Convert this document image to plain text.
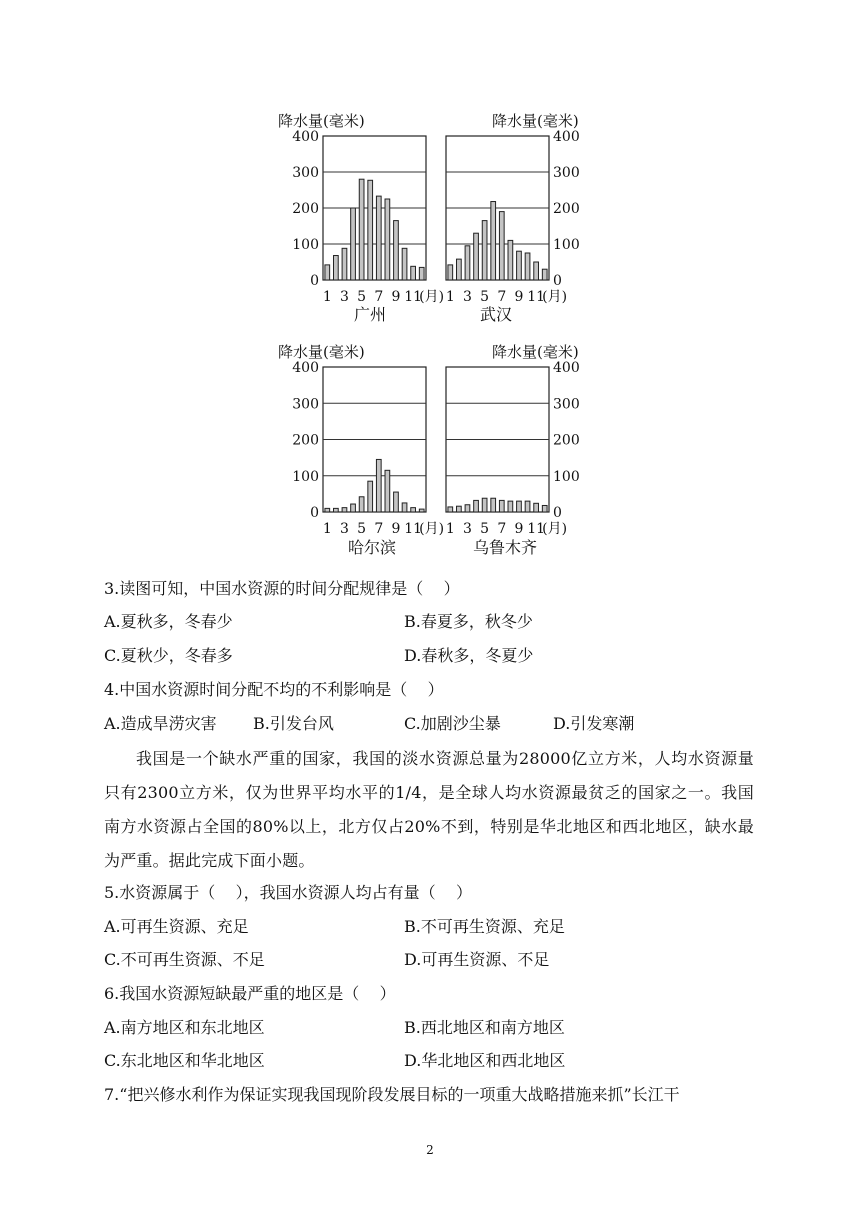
0
100
200
300
400
1 3 5 7 9 11
(月)
降水量(毫米)
广州
0
100
200
300
400
1 3 5 7 9 11
(月)
降水量(毫米)
武汉
0
100
200
300
400
1 3 5 7 9 11
(月)
降水量(毫米)
哈尔滨
0
100
200
300
400
1 3 5 7 9 11
(月)
降水量(毫米)
乌鲁木齐
3.读图可知，中国水资源的时间分配规律是（    ）
A.夏秋多，冬春少	B.春夏多，秋冬少
C.夏秋少，冬春多	D.春秋多，冬夏少
4.中国水资源时间分配不均的不利影响是（    ）
A.造成旱涝灾害 B.引发台风	C.加剧沙尘暴	D.引发寒潮
我国是一个缺水严重的国家，我国的淡水资源总量为28000亿立方米，人均水资源量只有2300立方米，仅为世界平均水平的1/4，是全球人均水资源最贫乏的国家之一。我国南方水资源占全国的80%以上，北方仅占20%不到，特别是华北地区和西北地区，缺水最为严重。据此完成下面小题。
5.水资源属于（    ），我国水资源人均占有量（    ）
A.可再生资源、充足	B.不可再生资源、充足
C.不可再生资源、不足	D.可再生资源、不足
6.我国水资源短缺最严重的地区是（    ）
A.南方地区和东北地区	B.西北地区和南方地区
C.东北地区和华北地区	D.华北地区和西北地区
7.“把兴修水利作为保证实现我国现阶段发展目标的一项重大战略措施来抓”长江干
2
